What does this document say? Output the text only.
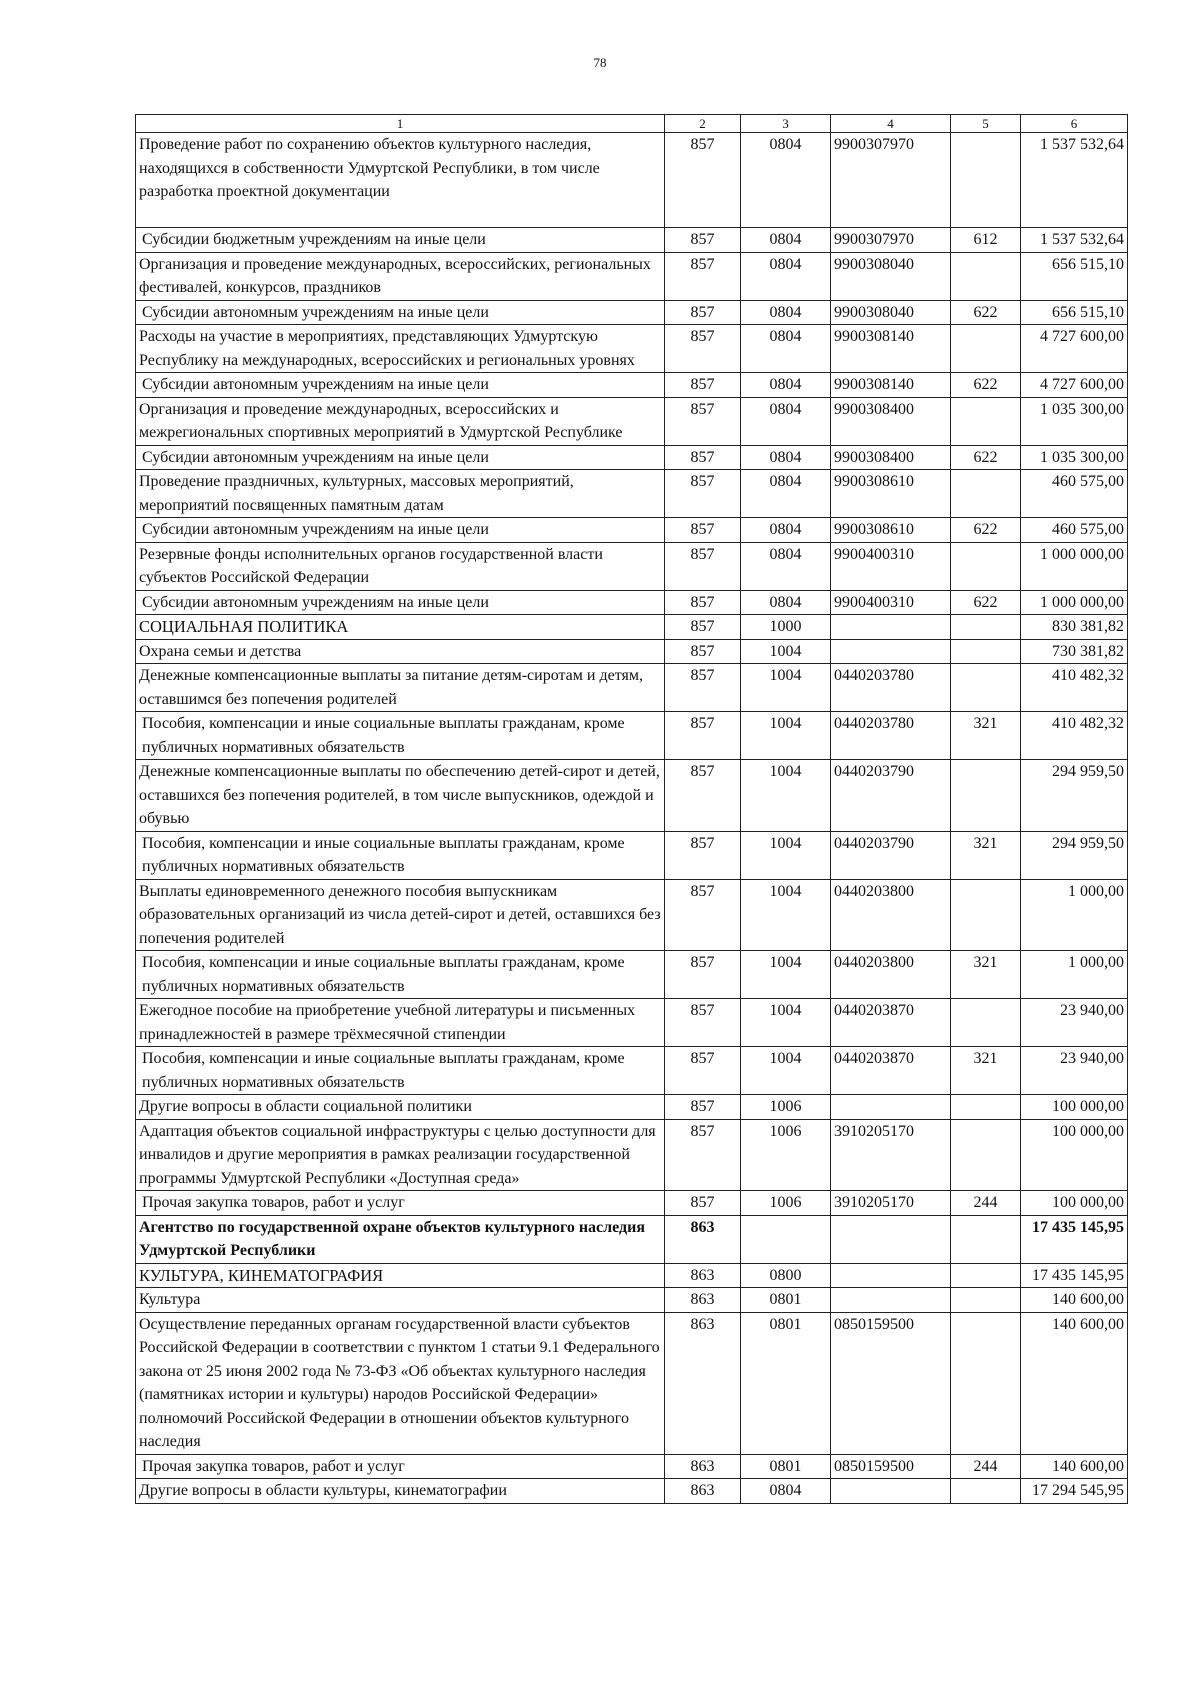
78
1	2	3	4	5	6
Проведение работ по сохранению объектов культурного наследия, находящихся в собственности Удмуртской Республики, в том числе разработка проектной документации	857	0804	9900307970		1 537 532,64
Субсидии бюджетным учреждениям на иные цели	857	0804	9900307970	612	1 537 532,64
Организация и проведение международных, всероссийских, региональных фестивалей, конкурсов, праздников	857	0804	9900308040		656 515,10
Субсидии автономным учреждениям на иные цели	857	0804	9900308040	622	656 515,10
Расходы на участие в мероприятиях, представляющих Удмуртскую Республику на международных, всероссийских и региональных уровнях	857	0804	9900308140		4 727 600,00
Субсидии автономным учреждениям на иные цели	857	0804	9900308140	622	4 727 600,00
Организация и проведение международных, всероссийских и межрегиональных спортивных мероприятий в Удмуртской Республике	857	0804	9900308400		1 035 300,00
Субсидии автономным учреждениям на иные цели	857	0804	9900308400	622	1 035 300,00
Проведение праздничных, культурных, массовых мероприятий, мероприятий посвященных памятным датам	857	0804	9900308610		460 575,00
Субсидии автономным учреждениям на иные цели	857	0804	9900308610	622	460 575,00
Резервные фонды исполнительных органов государственной власти субъектов Российской Федерации	857	0804	9900400310		1 000 000,00
Субсидии автономным учреждениям на иные цели	857	0804	9900400310	622	1 000 000,00
СОЦИАЛЬНАЯ ПОЛИТИКА	857	1000			830 381,82
Охрана семьи и детства	857	1004			730 381,82
Денежные компенсационные выплаты за питание детям-сиротам и детям, оставшимся без попечения родителей	857	1004	0440203780		410 482,32
Пособия, компенсации и иные социальные выплаты гражданам, кроме публичных нормативных обязательств	857	1004	0440203780	321	410 482,32
Денежные компенсационные выплаты по обеспечению детей-сирот и детей, оставшихся без попечения родителей, в том числе выпускников, одеждой и обувью	857	1004	0440203790		294 959,50
Пособия, компенсации и иные социальные выплаты гражданам, кроме публичных нормативных обязательств	857	1004	0440203790	321	294 959,50
Выплаты единовременного денежного пособия выпускникам образовательных организаций из числа детей-сирот и детей, оставшихся без попечения родителей	857	1004	0440203800		1 000,00
Пособия, компенсации и иные социальные выплаты гражданам, кроме публичных нормативных обязательств	857	1004	0440203800	321	1 000,00
Ежегодное пособие на приобретение учебной литературы и письменных принадлежностей в размере трёхмесячной стипендии	857	1004	0440203870		23 940,00
Пособия, компенсации и иные социальные выплаты гражданам, кроме публичных нормативных обязательств	857	1004	0440203870	321	23 940,00
Другие вопросы в области социальной политики	857	1006			100 000,00
Адаптация объектов социальной инфраструктуры с целью доступности для инвалидов и другие мероприятия в рамках реализации государственной программы Удмуртской Республики «Доступная среда»	857	1006	3910205170		100 000,00
Прочая закупка товаров, работ и услуг	857	1006	3910205170	244	100 000,00
Агентство по государственной охране объектов культурного наследия Удмуртской Республики	863				17 435 145,95
КУЛЬТУРА, КИНЕМАТОГРАФИЯ	863	0800			17 435 145,95
Культура	863	0801			140 600,00
Осуществление переданных органам государственной власти субъектов Российской Федерации в соответствии с пунктом 1 статьи 9.1 Федерального закона от 25 июня 2002 года № 73-ФЗ «Об объектах культурного наследия (памятниках истории и культуры) народов Российской Федерации» полномочий Российской Федерации в отношении объектов культурного наследия	863	0801	0850159500		140 600,00
Прочая закупка товаров, работ и услуг	863	0801	0850159500	244	140 600,00
Другие вопросы в области культуры, кинематографии	863	0804			17 294 545,95
